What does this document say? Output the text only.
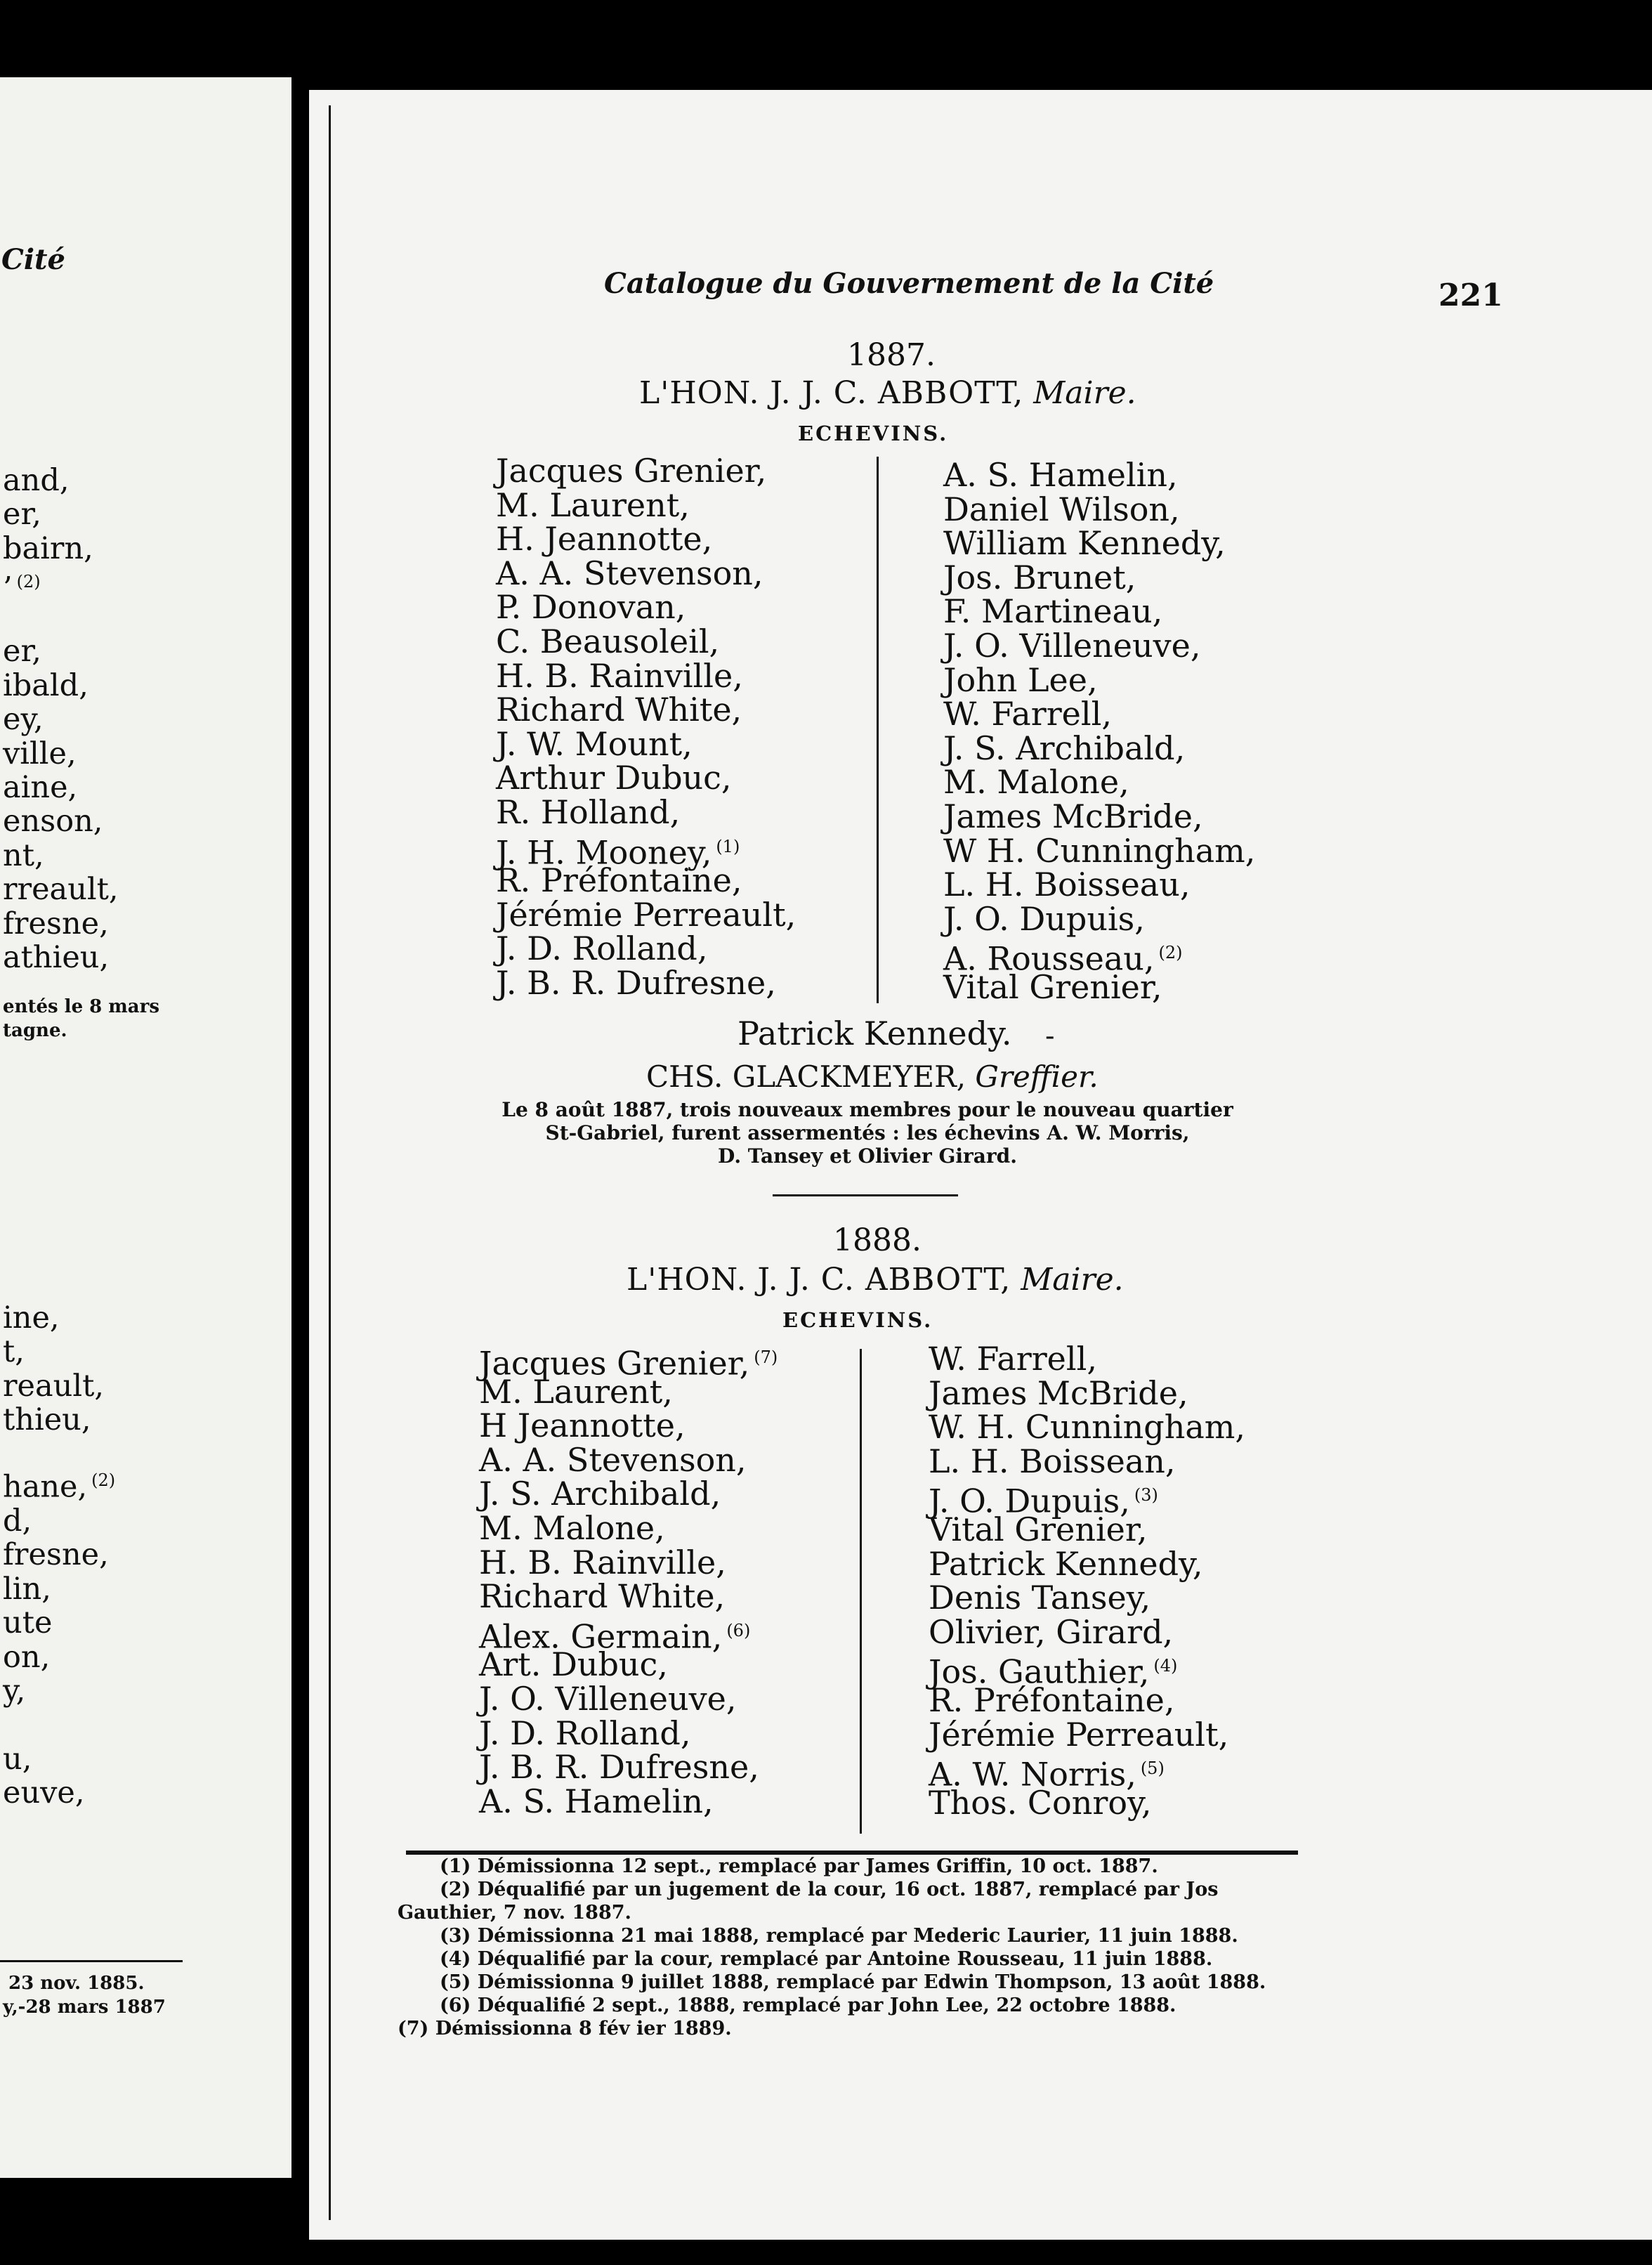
Cité
and,
er,
bairn,
’ $^{(2)}$
er,
ibald,
ey,
ville,
aine,
enson,
nt,
rreault,
fresne,
athieu,
entés le 8 mars
tagne.
ine,
t,
reault,
thieu,
hane, $^{(2)}$
d,
fresne,
lin,
ute
on,
y,
u,
euve,
23 nov. 1885.
y,-28 mars 1887
Catalogue du Gouvernement de la Cité	221
1887.
L'HON. J. J. C. ABBOTT, Maire.
ECHEVINS.
Jacques Grenier,
M. Laurent,
H. Jeannotte,
A. A. Stevenson,
P. Donovan,
C. Beausoleil,
H. B. Rainville,
Richard White,
J. W. Mount,
Arthur Dubuc,
R. Holland,
J. H. Mooney, $^{(1)}$
R. Préfontaine,
Jérémie Perreault,
J. D. Rolland,
J. B. R. Dufresne,
A. S. Hamelin,
Daniel Wilson,
William Kennedy,
Jos. Brunet,
F. Martineau,
J. O. Villeneuve,
John Lee,
W. Farrell,
J. S. Archibald,
M. Malone,
James McBride,
W H. Cunningham,
L. H. Boisseau,
J. O. Dupuis,
A. Rousseau, $^{(2)}$
Vital Grenier,
Patrick Kennedy. -
CHS. GLACKMEYER, Greffier.
Le 8 août 1887, trois nouveaux membres pour le nouveau quartier
St-Gabriel, furent assermentés : les échevins A. W. Morris,
D. Tansey et Olivier Girard.
1888.
L'HON. J. J. C. ABBOTT, Maire.
ECHEVINS.
Jacques Grenier, $^{(7)}$
M. Laurent,
H Jeannotte,
A. A. Stevenson,
J. S. Archibald,
M. Malone,
H. B. Rainville,
Richard White,
Alex. Germain, $^{(6)}$
Art. Dubuc,
J. O. Villeneuve,
J. D. Rolland,
J. B. R. Dufresne,
A. S. Hamelin,
W. Farrell,
James McBride,
W. H. Cunningham,
L. H. Boissean,
J. O. Dupuis, $^{(3)}$
Vital Grenier,
Patrick Kennedy,
Denis Tansey,
Olivier, Girard,
Jos. Gauthier, $^{(4)}$
R. Préfontaine,
Jérémie Perreault,
A. W. Norris, $^{(5)}$
Thos. Conroy,
(1) Démissionna 12 sept., remplacé par James Griffin, 10 oct. 1887.
(2) Déqualifié par un jugement de la cour, 16 oct. 1887, remplacé par Jos
Gauthier, 7 nov. 1887.
(3) Démissionna 21 mai 1888, remplacé par Mederic Laurier, 11 juin 1888.
(4) Déqualifié par la cour, remplacé par Antoine Rousseau, 11 juin 1888.
(5) Démissionna 9 juillet 1888, remplacé par Edwin Thompson, 13 août 1888.
(6) Déqualifié 2 sept., 1888, remplacé par John Lee, 22 octobre 1888.
(7) Démissionna 8 fév ier 1889.
